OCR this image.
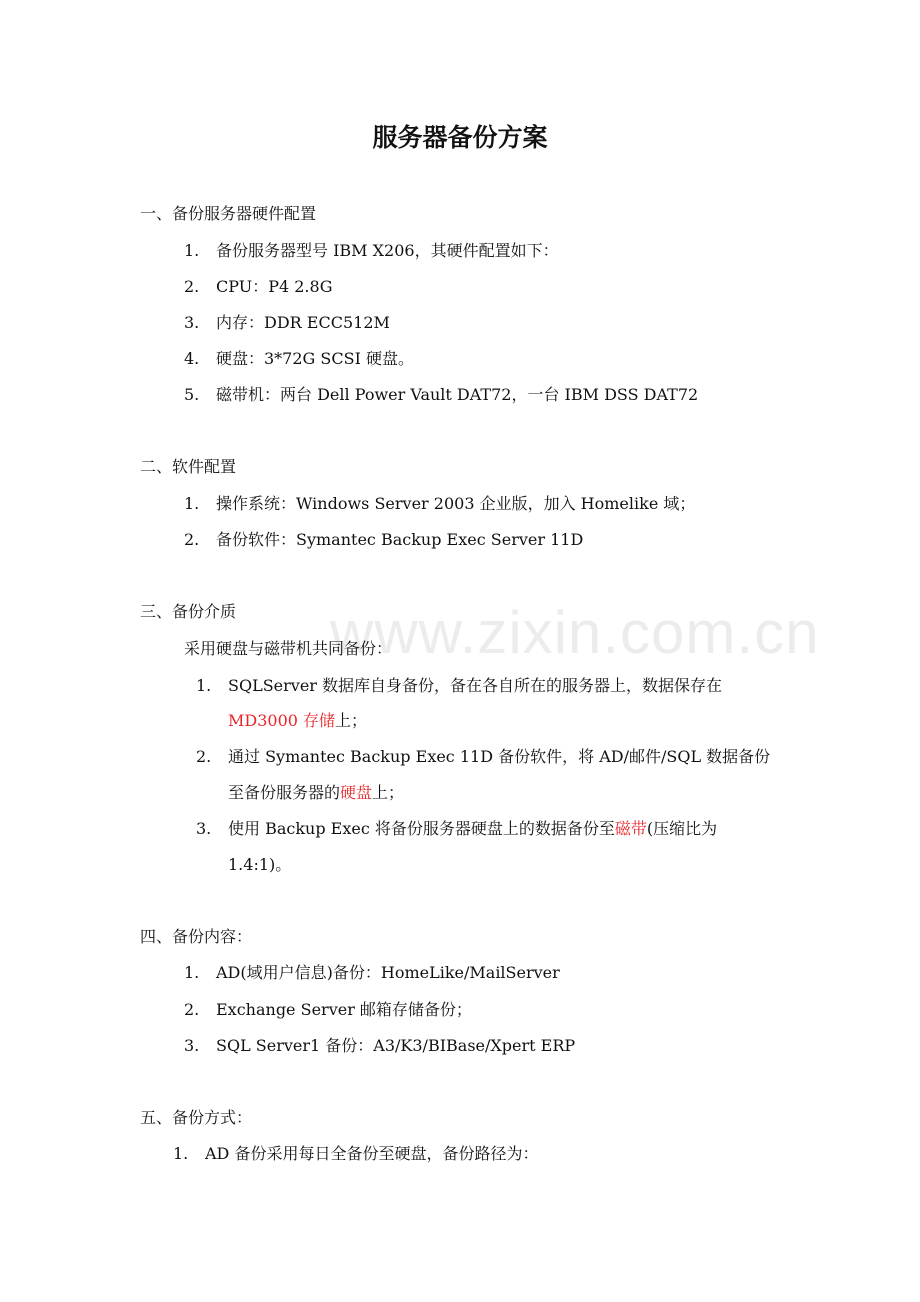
www.zixin.com.cn
服务器备份方案
一、备份服务器硬件配置
1. 备份服务器型号 IBM X206，其硬件配置如下：
2. CPU：P4 2.8G
3. 内存：DDR ECC512M
4. 硬盘：3*72G SCSI 硬盘。
5. 磁带机：两台 Dell Power Vault DAT72，一台 IBM DSS DAT72
二、软件配置
1. 操作系统：Windows Server 2003 企业版，加入 Homelike 域；
2. 备份软件：Symantec Backup Exec Server 11D
三、备份介质
采用硬盘与磁带机共同备份：
1. SQLServer 数据库自身备份，备在各自所在的服务器上，数据保存在
MD3000 存储上；
2. 通过 Symantec Backup Exec 11D 备份软件，将 AD/邮件/SQL 数据备份
至备份服务器的硬盘上；
3. 使用 Backup Exec 将备份服务器硬盘上的数据备份至磁带(压缩比为
1.4:1)。
四、备份内容：
1. AD(域用户信息)备份：HomeLike/MailServer
2. Exchange Server 邮箱存储备份；
3. SQL Server1 备份：A3/K3/BIBase/Xpert ERP
五、备份方式：
1. AD 备份采用每日全备份至硬盘，备份路径为：
